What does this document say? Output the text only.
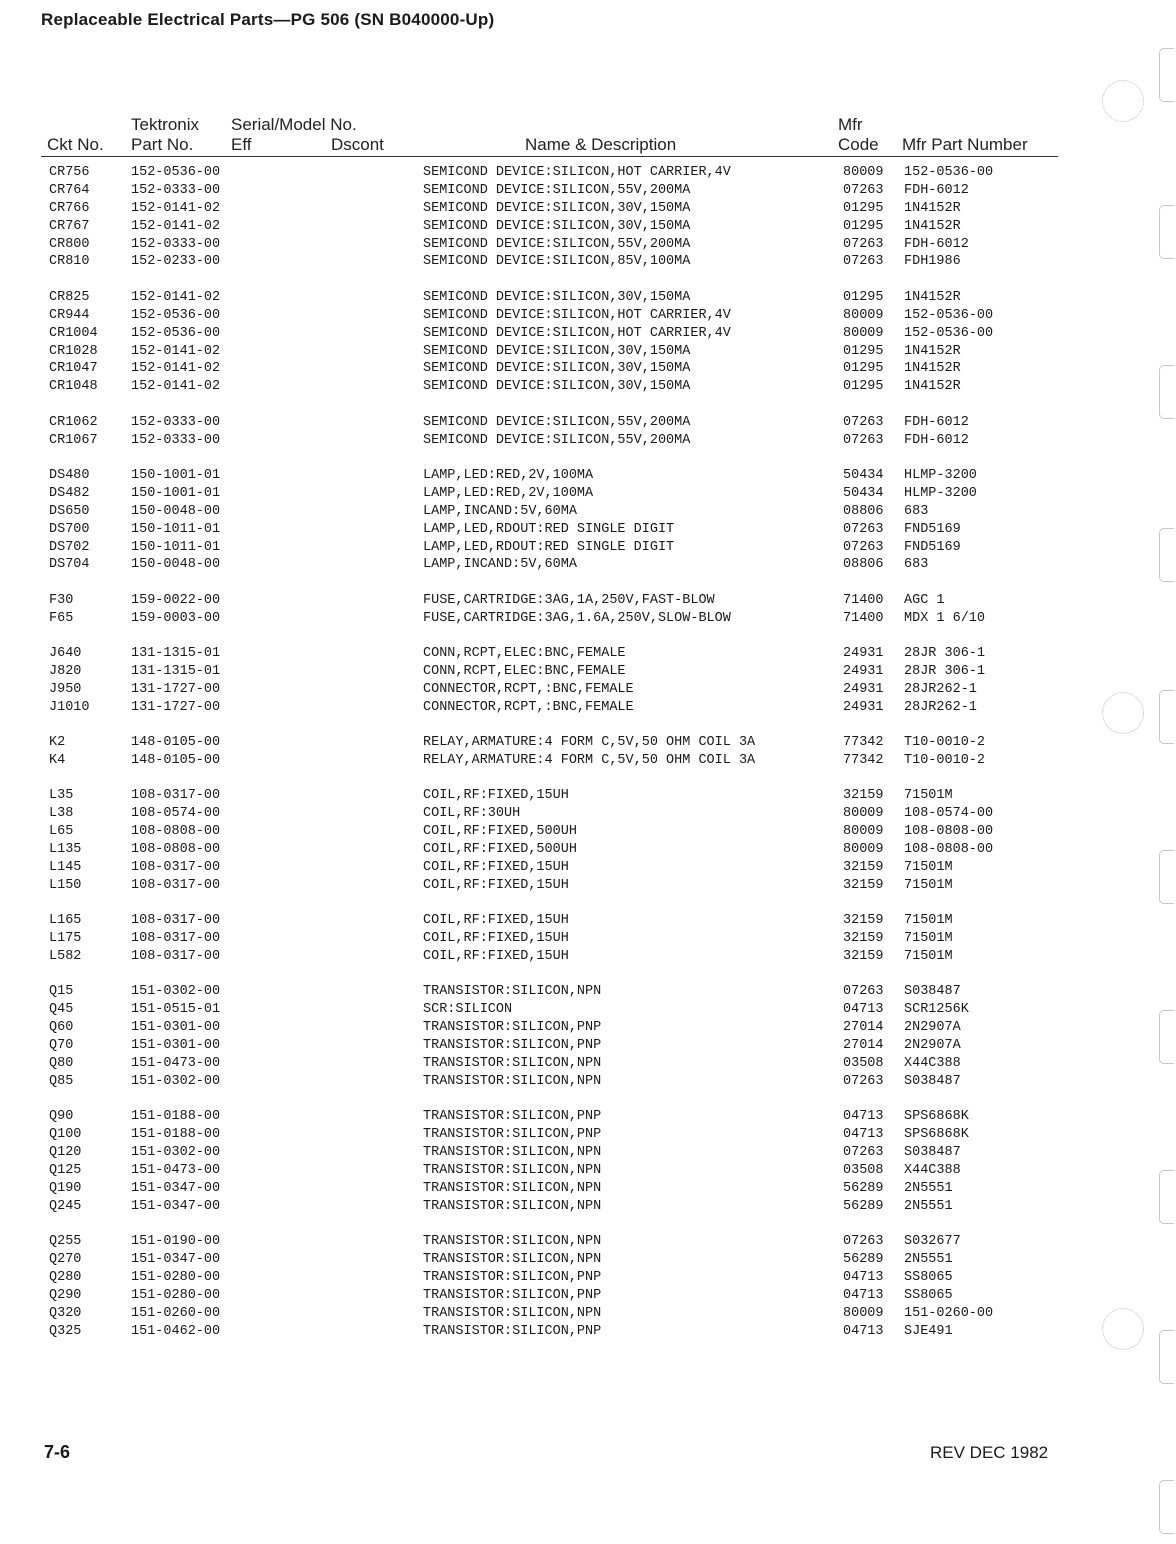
Replaceable Electrical Parts—PG 506 (SN B040000-Up)
Tektronix Serial/Model No.	Mfr
Ckt No. Part No. Eff	Dscont	Name & Description	Code Mfr Part Number
CR756	152-0536-00	SEMICOND DEVICE:SILICON,HOT CARRIER,4V	80009 152-0536-00
CR764	152-0333-00	SEMICOND DEVICE:SILICON,55V,200MA	07263 FDH-6012
CR766	152-0141-02	SEMICOND DEVICE:SILICON,30V,150MA	01295 1N4152R
CR767	152-0141-02	SEMICOND DEVICE:SILICON,30V,150MA	01295 1N4152R
CR800	152-0333-00	SEMICOND DEVICE:SILICON,55V,200MA	07263 FDH-6012
CR810	152-0233-00	SEMICOND DEVICE:SILICON,85V,100MA	07263 FDH1986
CR825	152-0141-02	SEMICOND DEVICE:SILICON,30V,150MA	01295 1N4152R
CR944	152-0536-00	SEMICOND DEVICE:SILICON,HOT CARRIER,4V	80009 152-0536-00
CR1004 152-0536-00	SEMICOND DEVICE:SILICON,HOT CARRIER,4V	80009 152-0536-00
CR1028 152-0141-02	SEMICOND DEVICE:SILICON,30V,150MA	01295 1N4152R
CR1047 152-0141-02	SEMICOND DEVICE:SILICON,30V,150MA	01295 1N4152R
CR1048 152-0141-02	SEMICOND DEVICE:SILICON,30V,150MA	01295 1N4152R
CR1062 152-0333-00	SEMICOND DEVICE:SILICON,55V,200MA	07263 FDH-6012
CR1067 152-0333-00	SEMICOND DEVICE:SILICON,55V,200MA	07263 FDH-6012
DS480	150-1001-01	LAMP,LED:RED,2V,100MA	50434 HLMP-3200
DS482	150-1001-01	LAMP,LED:RED,2V,100MA	50434 HLMP-3200
DS650	150-0048-00	LAMP,INCAND:5V,60MA	08806 683
DS700	150-1011-01	LAMP,LED,RDOUT:RED SINGLE DIGIT	07263 FND5169
DS702	150-1011-01	LAMP,LED,RDOUT:RED SINGLE DIGIT	07263 FND5169
DS704	150-0048-00	LAMP,INCAND:5V,60MA	08806 683
F30	159-0022-00	FUSE,CARTRIDGE:3AG,1A,250V,FAST-BLOW	71400 AGC 1
F65	159-0003-00	FUSE,CARTRIDGE:3AG,1.6A,250V,SLOW-BLOW	71400 MDX 1 6/10
J640	131-1315-01	CONN,RCPT,ELEC:BNC,FEMALE	24931 28JR 306-1
J820	131-1315-01	CONN,RCPT,ELEC:BNC,FEMALE	24931 28JR 306-1
J950	131-1727-00	CONNECTOR,RCPT,:BNC,FEMALE	24931 28JR262-1
J1010	131-1727-00	CONNECTOR,RCPT,:BNC,FEMALE	24931 28JR262-1
K2	148-0105-00	RELAY,ARMATURE:4 FORM C,5V,50 OHM COIL 3A	77342 T10-0010-2
K4	148-0105-00	RELAY,ARMATURE:4 FORM C,5V,50 OHM COIL 3A	77342 T10-0010-2
L35	108-0317-00	COIL,RF:FIXED,15UH	32159 71501M
L38	108-0574-00	COIL,RF:30UH	80009 108-0574-00
L65	108-0808-00	COIL,RF:FIXED,500UH	80009 108-0808-00
L135	108-0808-00	COIL,RF:FIXED,500UH	80009 108-0808-00
L145	108-0317-00	COIL,RF:FIXED,15UH	32159 71501M
L150	108-0317-00	COIL,RF:FIXED,15UH	32159 71501M
L165	108-0317-00	COIL,RF:FIXED,15UH	32159 71501M
L175	108-0317-00	COIL,RF:FIXED,15UH	32159 71501M
L582	108-0317-00	COIL,RF:FIXED,15UH	32159 71501M
Q15	151-0302-00	TRANSISTOR:SILICON,NPN	07263 S038487
Q45	151-0515-01	SCR:SILICON	04713 SCR1256K
Q60	151-0301-00	TRANSISTOR:SILICON,PNP	27014 2N2907A
Q70	151-0301-00	TRANSISTOR:SILICON,PNP	27014 2N2907A
Q80	151-0473-00	TRANSISTOR:SILICON,NPN	03508 X44C388
Q85	151-0302-00	TRANSISTOR:SILICON,NPN	07263 S038487
Q90	151-0188-00	TRANSISTOR:SILICON,PNP	04713 SPS6868K
Q100	151-0188-00	TRANSISTOR:SILICON,PNP	04713 SPS6868K
Q120	151-0302-00	TRANSISTOR:SILICON,NPN	07263 S038487
Q125	151-0473-00	TRANSISTOR:SILICON,NPN	03508 X44C388
Q190	151-0347-00	TRANSISTOR:SILICON,NPN	56289 2N5551
Q245	151-0347-00	TRANSISTOR:SILICON,NPN	56289 2N5551
Q255	151-0190-00	TRANSISTOR:SILICON,NPN	07263 S032677
Q270	151-0347-00	TRANSISTOR:SILICON,NPN	56289 2N5551
Q280	151-0280-00	TRANSISTOR:SILICON,PNP	04713 SS8065
Q290	151-0280-00	TRANSISTOR:SILICON,PNP	04713 SS8065
Q320	151-0260-00	TRANSISTOR:SILICON,NPN	80009 151-0260-00
Q325	151-0462-00	TRANSISTOR:SILICON,PNP	04713 SJE491
7-6	REV DEC 1982
